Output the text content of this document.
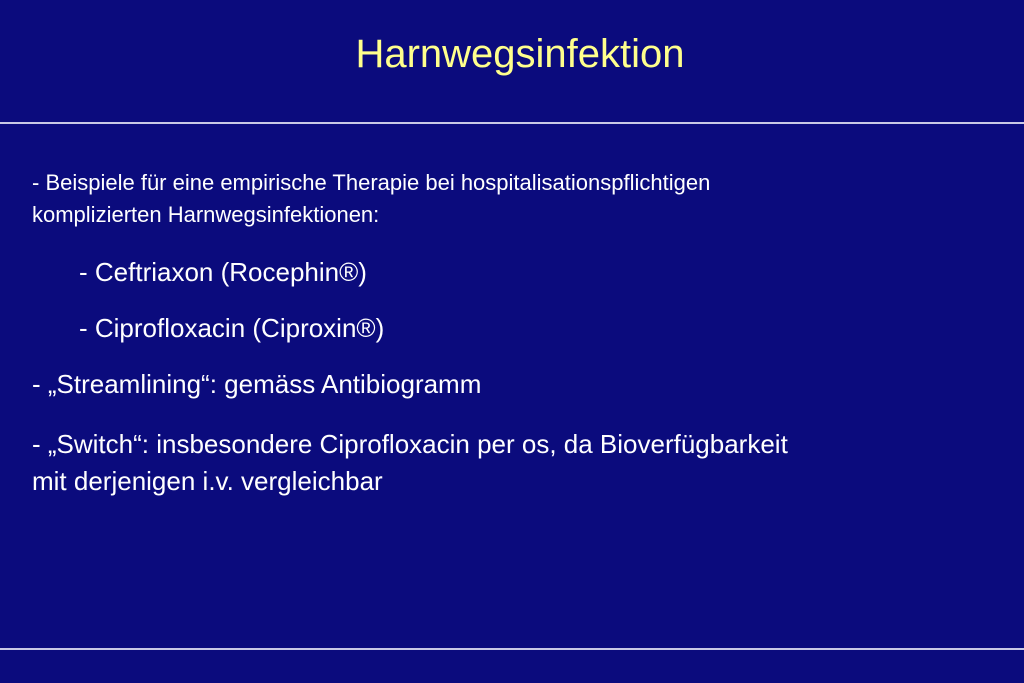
Harnwegsinfektion
- Beispiele für eine empirische Therapie bei hospitalisationspflichtigen
komplizierten Harnwegsinfektionen:
- Ceftriaxon (Rocephin®)
- Ciprofloxacin (Ciproxin®)
- „Streamlining“: gemäss Antibiogramm
- „Switch“: insbesondere Ciprofloxacin per os, da Bioverfügbarkeit
mit derjenigen i.v. vergleichbar
